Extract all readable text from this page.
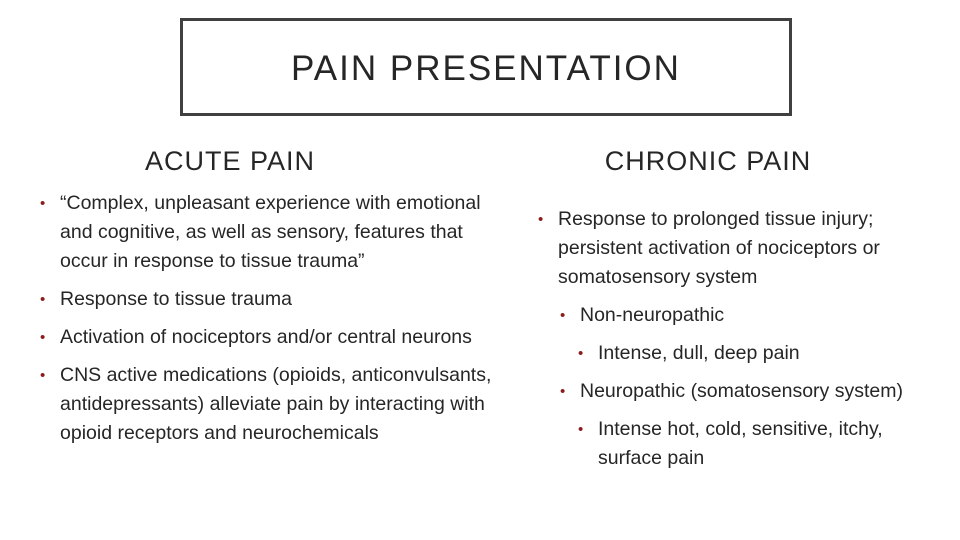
PAIN PRESENTATION
ACUTE PAIN	CHRONIC PAIN
• “Complex, unpleasant experience with emotional and cognitive, as well as sensory, features that occur in response to tissue trauma”
• Response to tissue trauma
• Activation of nociceptors and/or central neurons
• CNS active medications (opioids, anticonvulsants, antidepressants) alleviate pain by interacting with opioid receptors and neurochemicals
• Response to prolonged tissue injury; persistent activation of nociceptors or somatosensory system
• Non-neuropathic
• Intense, dull, deep pain
• Neuropathic (somatosensory system)
• Intense hot, cold, sensitive, itchy, surface pain
